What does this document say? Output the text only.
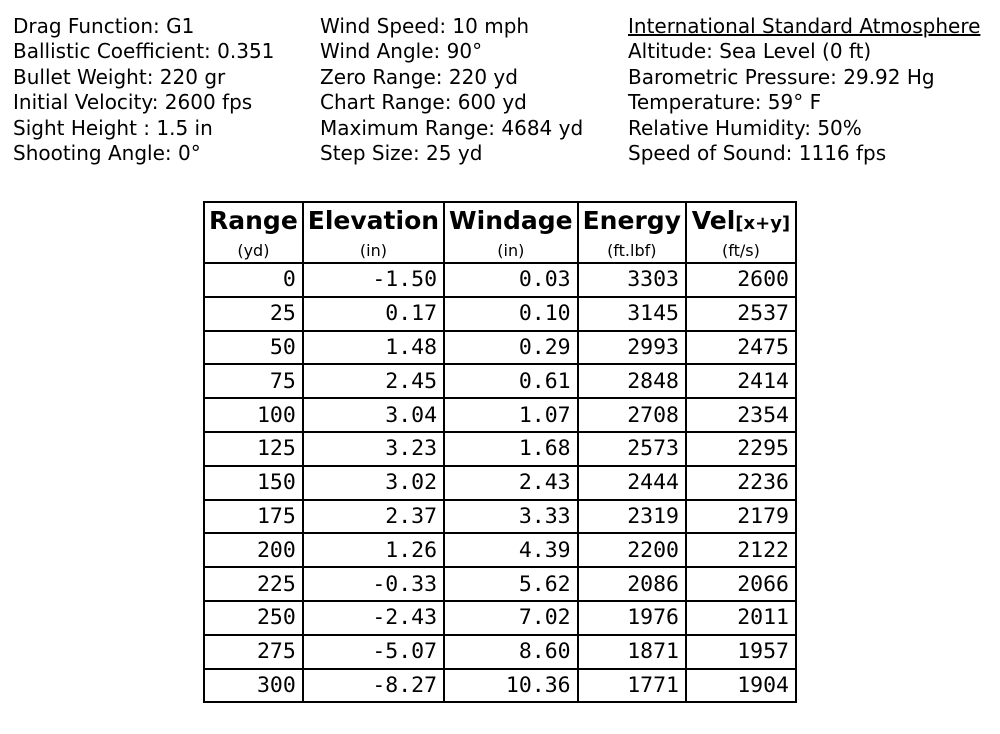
Drag Function: G1
Ballistic Coefficient: 0.351
Bullet Weight: 220 gr
Initial Velocity: 2600 fps
Sight Height : 1.5 in
Shooting Angle: 0°
Wind Speed: 10 mph
Wind Angle: 90°
Zero Range: 220 yd
Chart Range: 600 yd
Maximum Range: 4684 yd
Step Size: 25 yd
International Standard Atmosphere
Altitude: Sea Level (0 ft)
Barometric Pressure: 29.92 Hg
Temperature: 59° F
Relative Humidity: 50%
Speed of Sound: 1116 fps
Range	Elevation	Windage	Energy	Vel[x+y]
(yd)	(in)	(in)	(ft.lbf)	(ft/s)
0	-1.50	0.03	3303	2600
25	0.17	0.10	3145	2537
50	1.48	0.29	2993	2475
75	2.45	0.61	2848	2414
100	3.04	1.07	2708	2354
125	3.23	1.68	2573	2295
150	3.02	2.43	2444	2236
175	2.37	3.33	2319	2179
200	1.26	4.39	2200	2122
225	-0.33	5.62	2086	2066
250	-2.43	7.02	1976	2011
275	-5.07	8.60	1871	1957
300	-8.27	10.36	1771	1904
